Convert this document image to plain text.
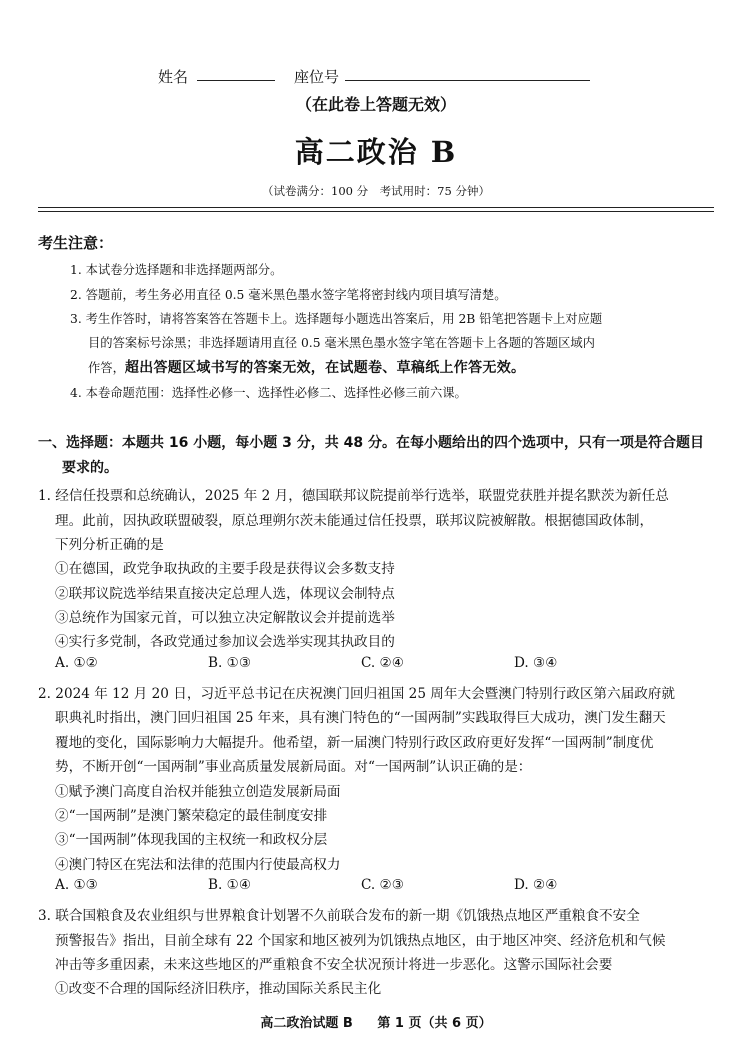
姓名	座位号
（在此卷上答题无效）
高二政治 B
（试卷满分：100 分　考试用时：75 分钟）
考生注意：
1. 本试卷分选择题和非选择题两部分。
2. 答题前，考生务必用直径 0.5 毫米黑色墨水签字笔将密封线内项目填写清楚。
3. 考生作答时，请将答案答在答题卡上。选择题每小题选出答案后，用 2B 铅笔把答题卡上对应题
目的答案标号涂黑；非选择题请用直径 0.5 毫米黑色墨水签字笔在答题卡上各题的答题区域内
作答，超出答题区域书写的答案无效，在试题卷、草稿纸上作答无效。
4. 本卷命题范围：选择性必修一、选择性必修二、选择性必修三前六课。
一、选择题：本题共 16 小题，每小题 3 分，共 48 分。在每小题给出的四个选项中，只有一项是符合题目
要求的。
1. 经信任投票和总统确认，2025 年 2 月，德国联邦议院提前举行选举，联盟党获胜并提名默茨为新任总
理。此前，因执政联盟破裂，原总理朔尔茨未能通过信任投票，联邦议院被解散。根据德国政体制，
下列分析正确的是
①在德国，政党争取执政的主要手段是获得议会多数支持
②联邦议院选举结果直接决定总理人选，体现议会制特点
③总统作为国家元首，可以独立决定解散议会并提前选举
④实行多党制，各政党通过参加议会选举实现其执政目的
A. ①②	B. ①③	C. ②④	D. ③④
2. 2024 年 12 月 20 日，习近平总书记在庆祝澳门回归祖国 25 周年大会暨澳门特别行政区第六届政府就
职典礼时指出，澳门回归祖国 25 年来，具有澳门特色的“一国两制”实践取得巨大成功，澳门发生翻天
覆地的变化，国际影响力大幅提升。他希望，新一届澳门特别行政区政府更好发挥“一国两制”制度优
势，不断开创“一国两制”事业高质量发展新局面。对“一国两制”认识正确的是：
①赋予澳门高度自治权并能独立创造发展新局面
②“一国两制”是澳门繁荣稳定的最佳制度安排
③“一国两制”体现我国的主权统一和政权分层
④澳门特区在宪法和法律的范围内行使最高权力
A. ①③	B. ①④	C. ②③	D. ②④
3. 联合国粮食及农业组织与世界粮食计划署不久前联合发布的新一期《饥饿热点地区严重粮食不安全
预警报告》指出，目前全球有 22 个国家和地区被列为饥饿热点地区，由于地区冲突、经济危机和气候
冲击等多重因素，未来这些地区的严重粮食不安全状况预计将进一步恶化。这警示国际社会要
①改变不合理的国际经济旧秩序，推动国际关系民主化
高二政治试题 B 第 1 页（共 6 页）
